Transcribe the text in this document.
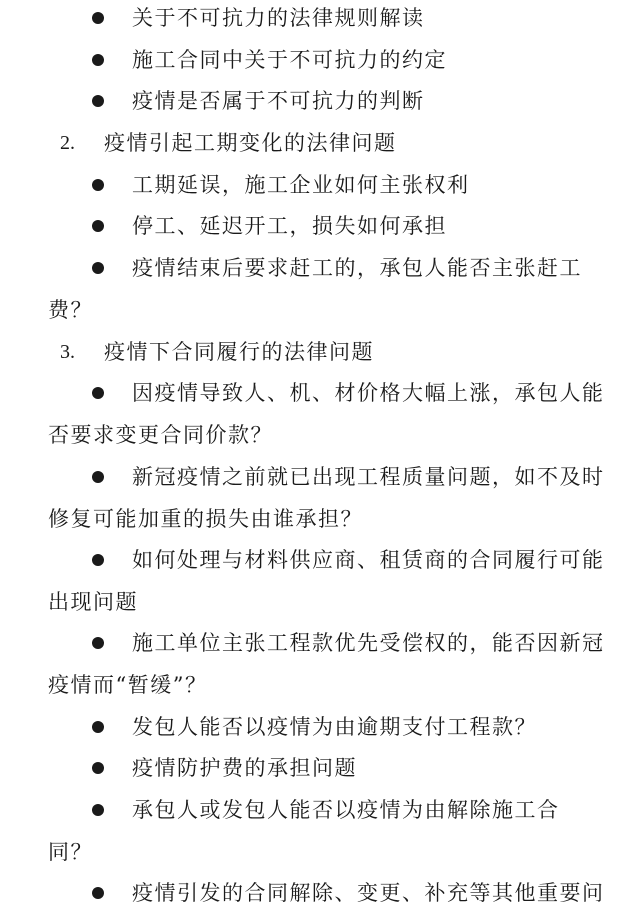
关于不可抗力的法律规则解读
施工合同中关于不可抗力的约定
疫情是否属于不可抗力的判断
2. 疫情引起工期变化的法律问题
工期延误，施工企业如何主张权利
停工、延迟开工，损失如何承担
疫情结束后要求赶工的，承包人能否主张赶工
费？
3. 疫情下合同履行的法律问题
因疫情导致人、机、材价格大幅上涨，承包人能
否要求变更合同价款？
新冠疫情之前就已出现工程质量问题，如不及时
修复可能加重的损失由谁承担？
如何处理与材料供应商、租赁商的合同履行可能
出现问题
施工单位主张工程款优先受偿权的，能否因新冠
疫情而“暂缓”？
发包人能否以疫情为由逾期支付工程款？
疫情防护费的承担问题
承包人或发包人能否以疫情为由解除施工合
同？
疫情引发的合同解除、变更、补充等其他重要问
